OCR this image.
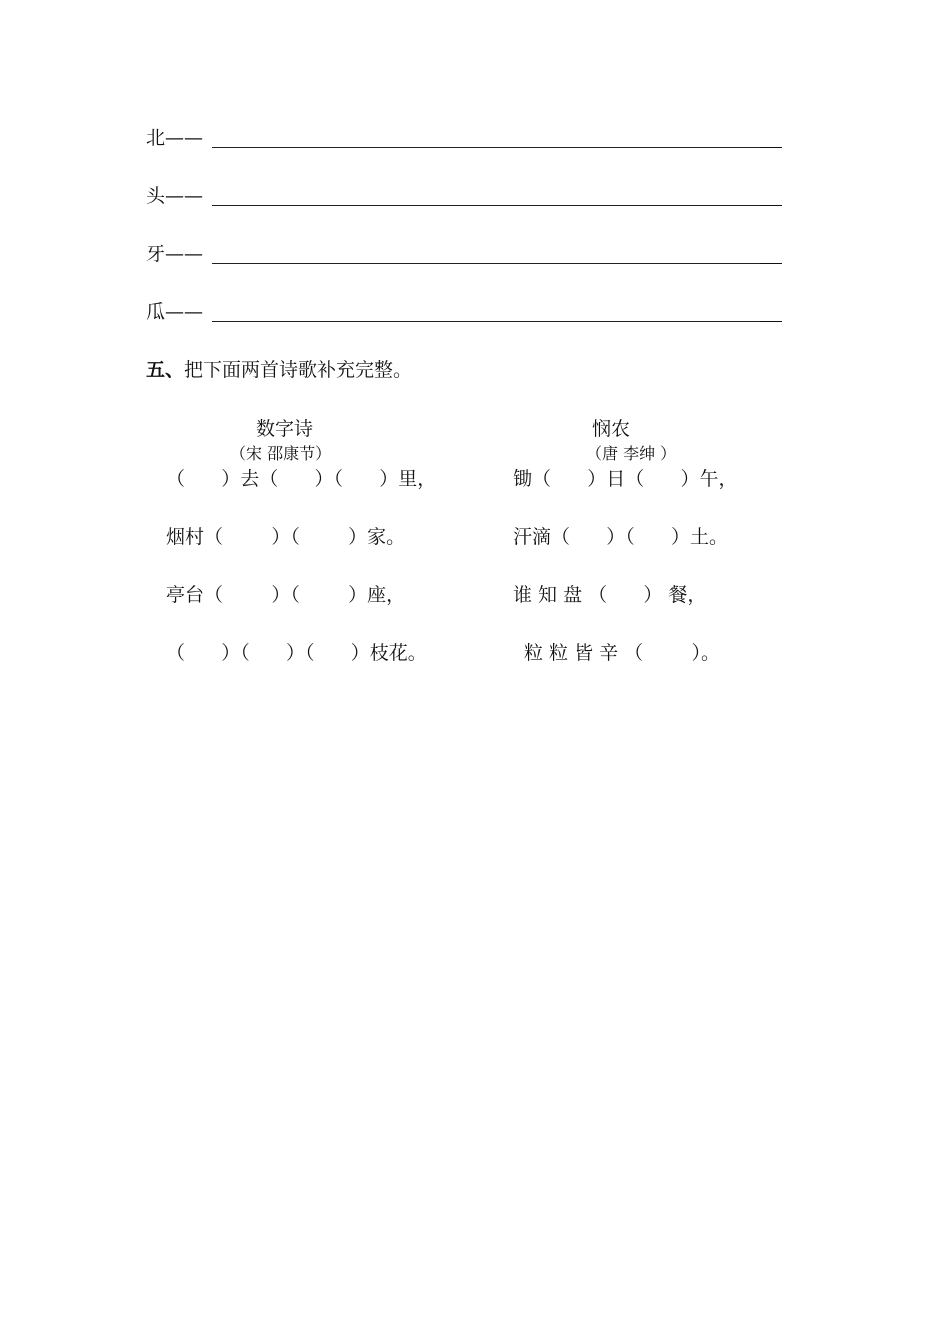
北——
头——
牙——
瓜——
五、把下面两首诗歌补充完整。
数字诗
（宋 邵康节）
（      ）去（      ）（      ）里，
烟村（        ）（        ）家。
亭台（        ）（        ）座，
（      ）（      ）（      ）枝花。
悯农
（唐 李绅 ）
锄（      ）日（      ）午，
汗滴（      ）（      ）土。
谁 知 盘 （      ） 餐，
粒 粒 皆 辛 （        ）。
